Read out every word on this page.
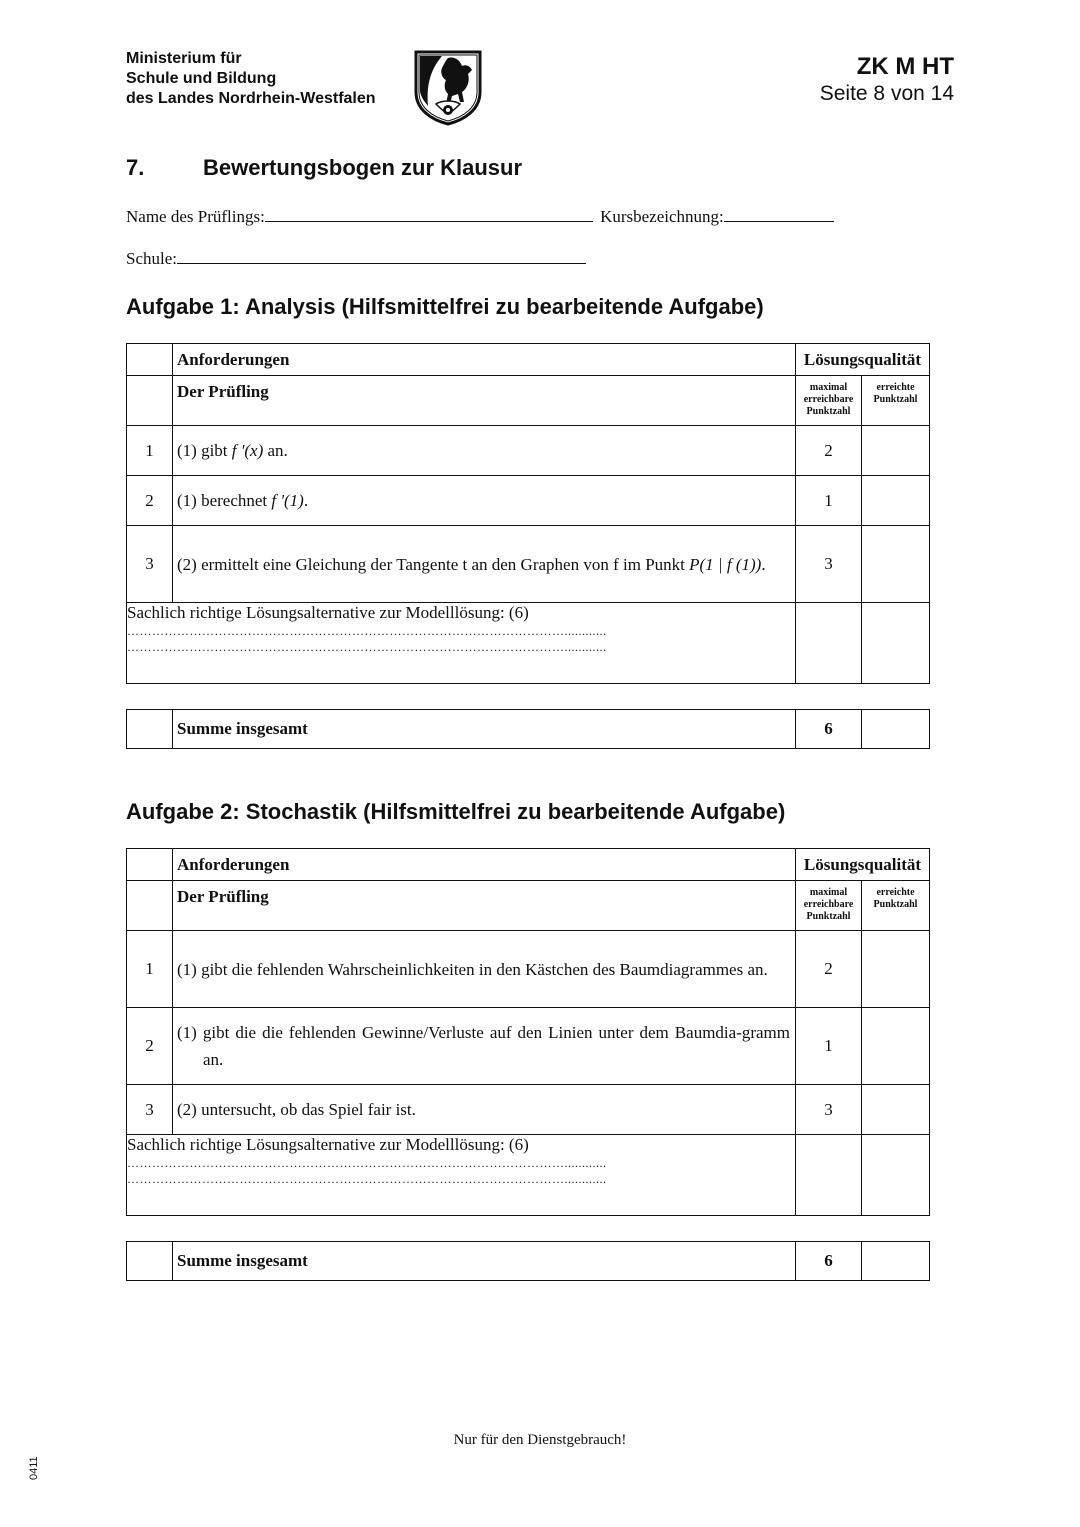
Ministerium für
Schule und Bildung
des Landes Nordrhein-Westfalen
ZK M HT
Seite 8 von 14
7.	Bewertungsbogen zur Klausur
Name des Prüflings:	Kursbezeichnung:
Schule:
Aufgabe 1: Analysis (Hilfsmittelfrei zu bearbeitende Aufgabe)
	Anforderungen	Lösungsqualität	
	Der Prüfling	maximal erreichbare Punktzahl	erreichte Punktzahl
1	(1) gibt f '(x) an.	2	
2	(1) berechnet f '(1).	1	
3	(2) ermittelt eine Gleichung der Tangente t an den Graphen von f im Punkt P(1 | f (1)).	3	

Sachlich richtige Lösungsalternative zur Modelllösung: (6)
……………………………………………………………………………………………............
……………………………………………………………………………………………............			

	Summe insgesamt	6	
Aufgabe 2: Stochastik (Hilfsmittelfrei zu bearbeitende Aufgabe)
	Anforderungen	Lösungsqualität	
	Der Prüfling	maximal erreichbare Punktzahl	erreichte Punktzahl
1	(1) gibt die fehlenden Wahrscheinlichkeiten in den Kästchen des Baumdiagrammes an.	2	
2	(1) gibt die die fehlenden Gewinne/Verluste auf den Linien unter dem Baumdia-gramm an.	1	
3	(2) untersucht, ob das Spiel fair ist.	3	

Sachlich richtige Lösungsalternative zur Modelllösung: (6)
……………………………………………………………………………………………............
……………………………………………………………………………………………............			

	Summe insgesamt	6	
Nur für den Dienstgebrauch!
0411
